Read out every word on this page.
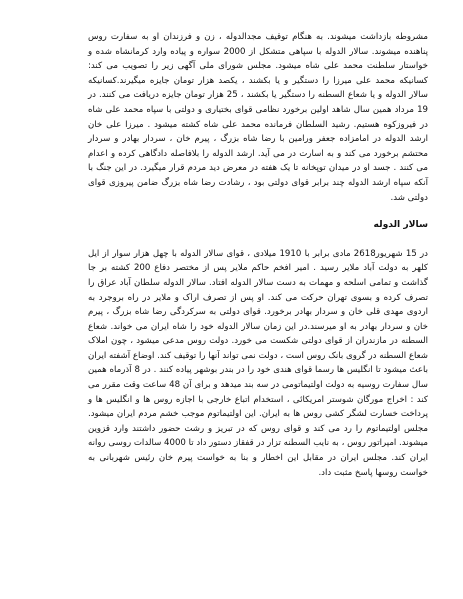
مشروطه بازداشت میشوند. به هنگام توقیف مجدالدوله ، زن و فرزندان او به سفارت روس پناهنده میشوند. سالار الدوله با سپاهی متشکل از 2000 سواره و پیاده وارد کرمانشاه شده و خواستار سلطنت محمد علی شاه میشود. مجلس شورای ملی آگهی زیر را تصویب می کند: کسانیکه محمد علی میرزا را دستگیر و یا بکشند ، یکصد هزار تومان جایزه میگیرند.کسانیکه سالار الدوله و یا شعاع السطنه را دستگیر یا بکشند ، 25 هزار تومان جایزه دریافت می کنند. در 19 مرداد همین سال شاهد اولین برخورد نظامی قوای بختیاری و دولتی با سپاه محمد علی شاه در فیروزکوه هستیم. رشید السلطان فرمانده محمد علی شاه کشته میشود . میرزا علی خان ارشد الدوله در امامزاده جعفر ورامین با رضا شاه بزرگ ، پیرم خان ، سردار بهادر و سردار محتشم برخورد می کند و به اسارت در می آید. ارشد الدوله را بلافاصله دادگاهی کرده و اعدام می کنند . جسد او در میدان توپخانه تا یک هفته در معرض دید مردم قرار میگیرد. در این جنگ با آنکه سپاه ارشد الدوله چند برابر قوای دولتی بود ، رشادت رضا شاه بزرگ ضامن پیروزی قوای دولتی شد.

سالار الدوله

در 15 شهریور2618 مادی برابر با 1910 میلادی ، قوای سالار الدوله با چهل هزار سوار از ایل کلهر به دولت آباد ملایر رسید . امیر افخم حاکم ملایر پس از مختصر دفاع 200 کشته بر جا گذاشت و تمامی اسلحه و مهمات به دست سالار الدوله افتاد. سالار الدوله سلطان آباد عراق را تصرف کرده و بسوی تهران حرکت می کند. او پس از تصرف اراک و ملایر در راه بروجرد به اردوی مهدی قلی خان و سردار بهادر برخورد. قوای دولتی به سرکردگی رضا شاه بزرگ ، پیرم خان و سردار بهادر به او میرسند.در این زمان سالار الدوله خود را شاه ایران می خواند. شعاع السطنه در مازندران از قوای دولتی شکست می خورد. دولت روس مدعی میشود ، چون املاک شعاع السطنه در گروی بانک روس است ، دولت نمی تواند آنها را توقیف کند. اوضاع آشفته ایران باعث میشود تا انگلیس ها رسما قوای هندی خود را در بندر بوشهر پیاده کنند . در 8 آذرماه همین سال سفارت روسیه به دولت اولتیماتومی در سه بند میدهد و برای آن 48 ساعت وقت مقرر می کند : اخراج مورگان شوستر امریکائی ، استخدام اتباع خارجی با اجازه روس ها و انگلیس ها و پرداخت خسارت لشگر کشی روس ها به ایران. این اولتیماتوم موجب خشم مردم ایران میشود. مجلس اولتیماتوم را رد می کند و قوای روس که در تبریز و رشت حضور داشتند وارد قزوین میشوند. امپراتور روس ، به نایب السطنه تزار در قفقاز دستور داد تا 4000 سالدات روسی روانه ایران کند. مجلس ایران در مقابل این اخطار و بنا به خواست پیرم خان رئیس شهربانی به خواست روسها پاسخ مثبت داد.
